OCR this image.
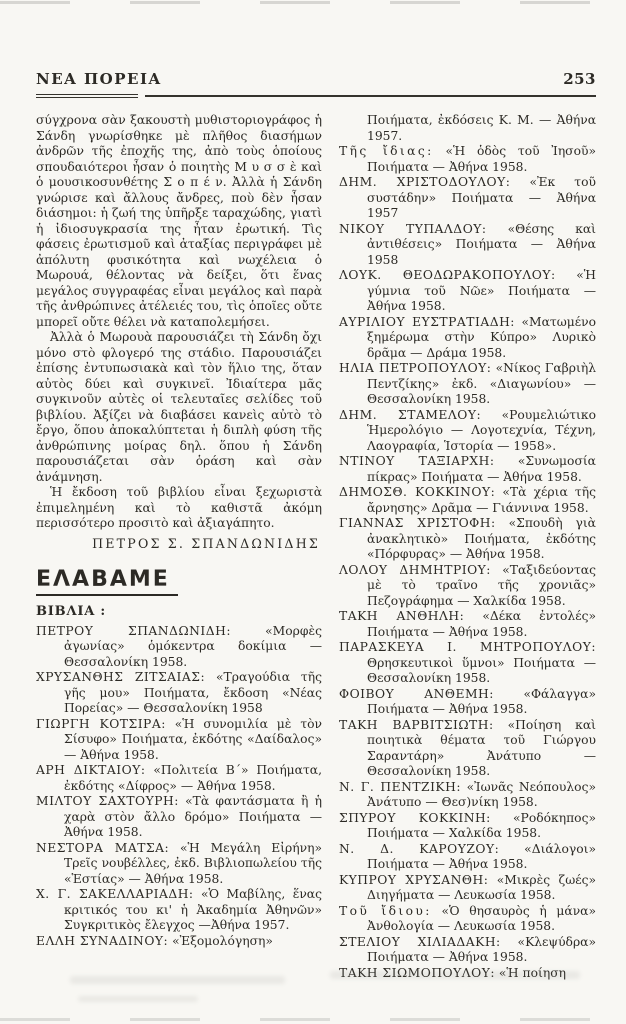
ΝΕΑ ΠΟΡΕΙΑ	253

σύγχρονα σὰν ξακουστὴ μυθιστοριογράφος ἡ Σάνδη γνωρίσθηκε μὲ πλῆθος διασήμων ἀνδρῶν τῆς ἐποχῆς της, ἀπὸ τοὺς ὁποίους σπουδαιότεροι ἦσαν ὁ ποιητὴς Μ υ σ σ ὲ καὶ ὁ μουσικοσυνθέτης Σ ο π έ ν. Ἀλλὰ ἡ Σάνδη γνώρισε καὶ ἄλλους ἄνδρες, ποὺ δὲν ἦσαν διάσημοι: ἡ ζωή της ὑπῆρξε ταραχώδης, γιατὶ ἡ ἰδιοσυγκρασία της ἦταν ἐρωτική. Τὶς φάσεις ἐρωτισμοῦ καὶ ἀταξίας περιγράφει μὲ ἀπόλυτη φυσικότητα καὶ νωχέλεια ὁ Μωρουά, θέλοντας νὰ δείξει, ὅτι ἕνας μεγάλος συγγραφέας εἶναι μεγάλος καὶ παρὰ τῆς ἀνθρώπινες ἀτέλειές του, τὶς ὁποῖες οὔτε μπορεῖ οὔτε θέλει νὰ καταπολεμήσει.

Ἀλλὰ ὁ Μωρουὰ παρουσιάζει τὴ Σάνδη ὄχι μόνο στὸ φλογερό της στάδιο. Παρουσιάζει ἐπίσης ἐντυπωσιακὰ καὶ τὸν ἥλιο της, ὅταν αὐτὸς δύει καὶ συγκινεῖ. Ἰδιαίτερα μᾶς συγκινοῦν αὐτὲς οἱ τελευταῖες σελίδες τοῦ βιβλίου. Ἀξίζει νὰ διαβάσει κανεὶς αὐτὸ τὸ ἔργο, ὅπου ἀποκαλύπτεται ἡ διπλὴ φύση τῆς ἀνθρώπινης μοίρας δηλ. ὅπου ἡ Σάνδη παρουσιάζεται σὰν ὁράση καὶ σὰν ἀνάμνηση.

Ἡ ἔκδοση τοῦ βιβλίου εἶναι ξεχωριστὰ ἐπιμελημένη καὶ τὸ καθιστᾶ ἀκόμη περισσότερο προσιτὸ καὶ ἀξιαγάπητο.

ΠΕΤΡΟΣ Σ. ΣΠΑΝΔΩΝΙΔΗΣ
ΕΛΑΒΑΜΕ
ΒΙΒΛΙΑ :

ΠΕΤΡΟΥ ΣΠΑΝΔΩΝΙΔΗ:	«Μορφὲς ἀγωνίας» ὁμόκεντρα δοκίμια — Θεσσαλονίκη 1958.

ΧΡΥΣΑΝΘΗΣ ΖΙΤΣΑΙΑΣ: «Τραγούδια τῆς γῆς μου» Ποιήματα, ἔκδοση «Νέας Πορείας» — Θεσσαλονίκη 1958

ΓΙΩΡΓΗ ΚΟΤΣΙΡΑ: «Ἡ συνομιλία μὲ τὸν Σίσυφο» Ποιήματα, ἐκδότης «Δαίδαλος» — Ἀθήνα 1958.

ΑΡΗ ΔΙΚΤΑΙΟΥ: «Πολιτεία Β΄» Ποιήματα, ἐκδότης «Δίφρος» — Ἀθήνα 1958.

ΜΙΛΤΟΥ ΣΑΧΤΟΥΡΗ: «Τὰ φαντάσματα ἢ ἡ χαρὰ στὸν ἄλλο δρόμο» Ποιήματα — Ἀθήνα 1958.

ΝΕΣΤΟΡΑ ΜΑΤΣΑ: «Ἡ Μεγάλη Εἰρήνη» Τρεῖς νουβέλλες, ἐκδ. Βιβλιοπωλείου τῆς «Ἑστίας» — Ἀθήνα 1958.

Χ. Γ. ΣΑΚΕΛΛΑΡΙΑΔΗ: «Ὁ Μαβίλης, ἕνας κριτικός του κι' ἡ Ἀκαδημία Ἀθηνῶν» Συγκριτικὸς ἔλεγχος —Ἀθήνα 1957.

ΕΛΛΗ ΣΥΝΑΔΙΝΟΥ: «Ἐξομολόγηση»

Ποιήματα, ἐκδόσεις Κ. Μ. — Ἀθήνα 1957.

Τῆς ἴδιας: «Ἡ ὁδὸς τοῦ Ἰησοῦ» Ποιήματα — Ἀθήνα 1958.

ΔΗΜ. ΧΡΙΣΤΟΔΟΥΛΟΥ: «Ἐκ τοῦ συστάδην» Ποιήματα — Ἀθήνα 1957

ΝΙΚΟΥ ΤΥΠΑΛΔΟΥ: «Θέσης καὶ ἀντιθέσεις» Ποιήματα — Ἀθήνα 1958

ΛΟΥΚ. ΘΕΟΔΩΡΑΚΟΠΟΥΛΟΥ: «Ἡ γύμνια τοῦ Νῶε» Ποιήματα — Ἀθήνα 1958.

ΑΥΡΙΛΙΟΥ ΕΥΣΤΡΑΤΙΑΔΗ: «Ματωμένο ξημέρωμα στὴν Κύπρο» Λυρικὸ δρᾶμα — Δράμα 1958.

ΗΛΙΑ ΠΕΤΡΟΠΟΥΛΟΥ: «Νίκος Γαβριὴλ Πεντζίκης» ἐκδ. «Διαγωνίου» — Θεσσαλονίκη 1958.

ΔΗΜ. ΣΤΑΜΕΛΟΥ: «Ρουμελιώτικο Ἡμερολόγιο — Λογοτεχνία, Τέχνη, Λαογραφία, Ἱστορία — 1958».

ΝΤΙΝΟΥ ΤΑΞΙΑΡΧΗ: «Συνωμοσία πίκρας» Ποιήματα — Ἀθήνα 1958.

ΔΗΜΟΣΘ. ΚΟΚΚΙΝΟΥ: «Τὰ χέρια τῆς ἄρνησης» Δρᾶμα — Γιάννινα 1958.

ΓΙΑΝΝΑΣ ΧΡΙΣΤΟΦΗ: «Σπουδὴ γιὰ ἀνακλητικὸ» Ποιήματα, ἐκδότης «Πόρφυρας» — Ἀθήνα 1958.

ΛΟΛΟΥ ΔΗΜΗΤΡΙΟΥ: «Ταξιδεύοντας μὲ τὸ τραῖνο τῆς χρονιᾶς» Πεζογράφημα — Χαλκίδα 1958.

ΤΑΚΗ ΑΝΘΗΛΗ: «Δέκα ἐντολές» Ποιήματα — Ἀθήνα 1958.

ΠΑΡΑΣΚΕΥΑ Ι. ΜΗΤΡΟΠΟΥΛΟΥ: Θρησκευτικοὶ ὕμνοι» Ποιήματα — Θεσσαλονίκη 1958.

ΦΟΙΒΟΥ ΑΝΘΕΜΗ: «Φάλαγγα» Ποιήματα — Ἀθήνα 1958.

ΤΑΚΗ ΒΑΡΒΙΤΣΙΩΤΗ: «Ποίηση καὶ ποιητικὰ θέματα τοῦ Γιώργου Σαραντάρη» Ἀνάτυπο — Θεσσαλονίκη 1958.

Ν. Γ. ΠΕΝΤΖΙΚΗ: «Ἰωνᾶς Νεόπουλος» Ἀνάτυπο — Θεσ)νίκη 1958.

ΣΠΥΡΟΥ ΚΟΚΚΙΝΗ: «Ροδόκηπος» Ποιήματα — Χαλκίδα 1958.

Ν. Δ. ΚΑΡΟΥΖΟΥ: «Διάλογοι» Ποιήματα — Ἀθήνα 1958.

ΚΥΠΡΟΥ ΧΡΥΣΑΝΘΗ: «Μικρὲς ζωές» Διηγήματα — Λευκωσία 1958.

Τοῦ ἴδιου: «Ὁ θησαυρὸς ἡ μάνα» Ἀνθολογία — Λευκωσία 1958.

ΣΤΕΛΙΟΥ ΧΙΛΙΑΔΑΚΗ: «Κλεψύδρα» Ποιήματα — Ἀθήνα 1958.

ΤΑΚΗ ΣΙΩΜΟΠΟΥΛΟΥ: «Ἡ ποίηση
